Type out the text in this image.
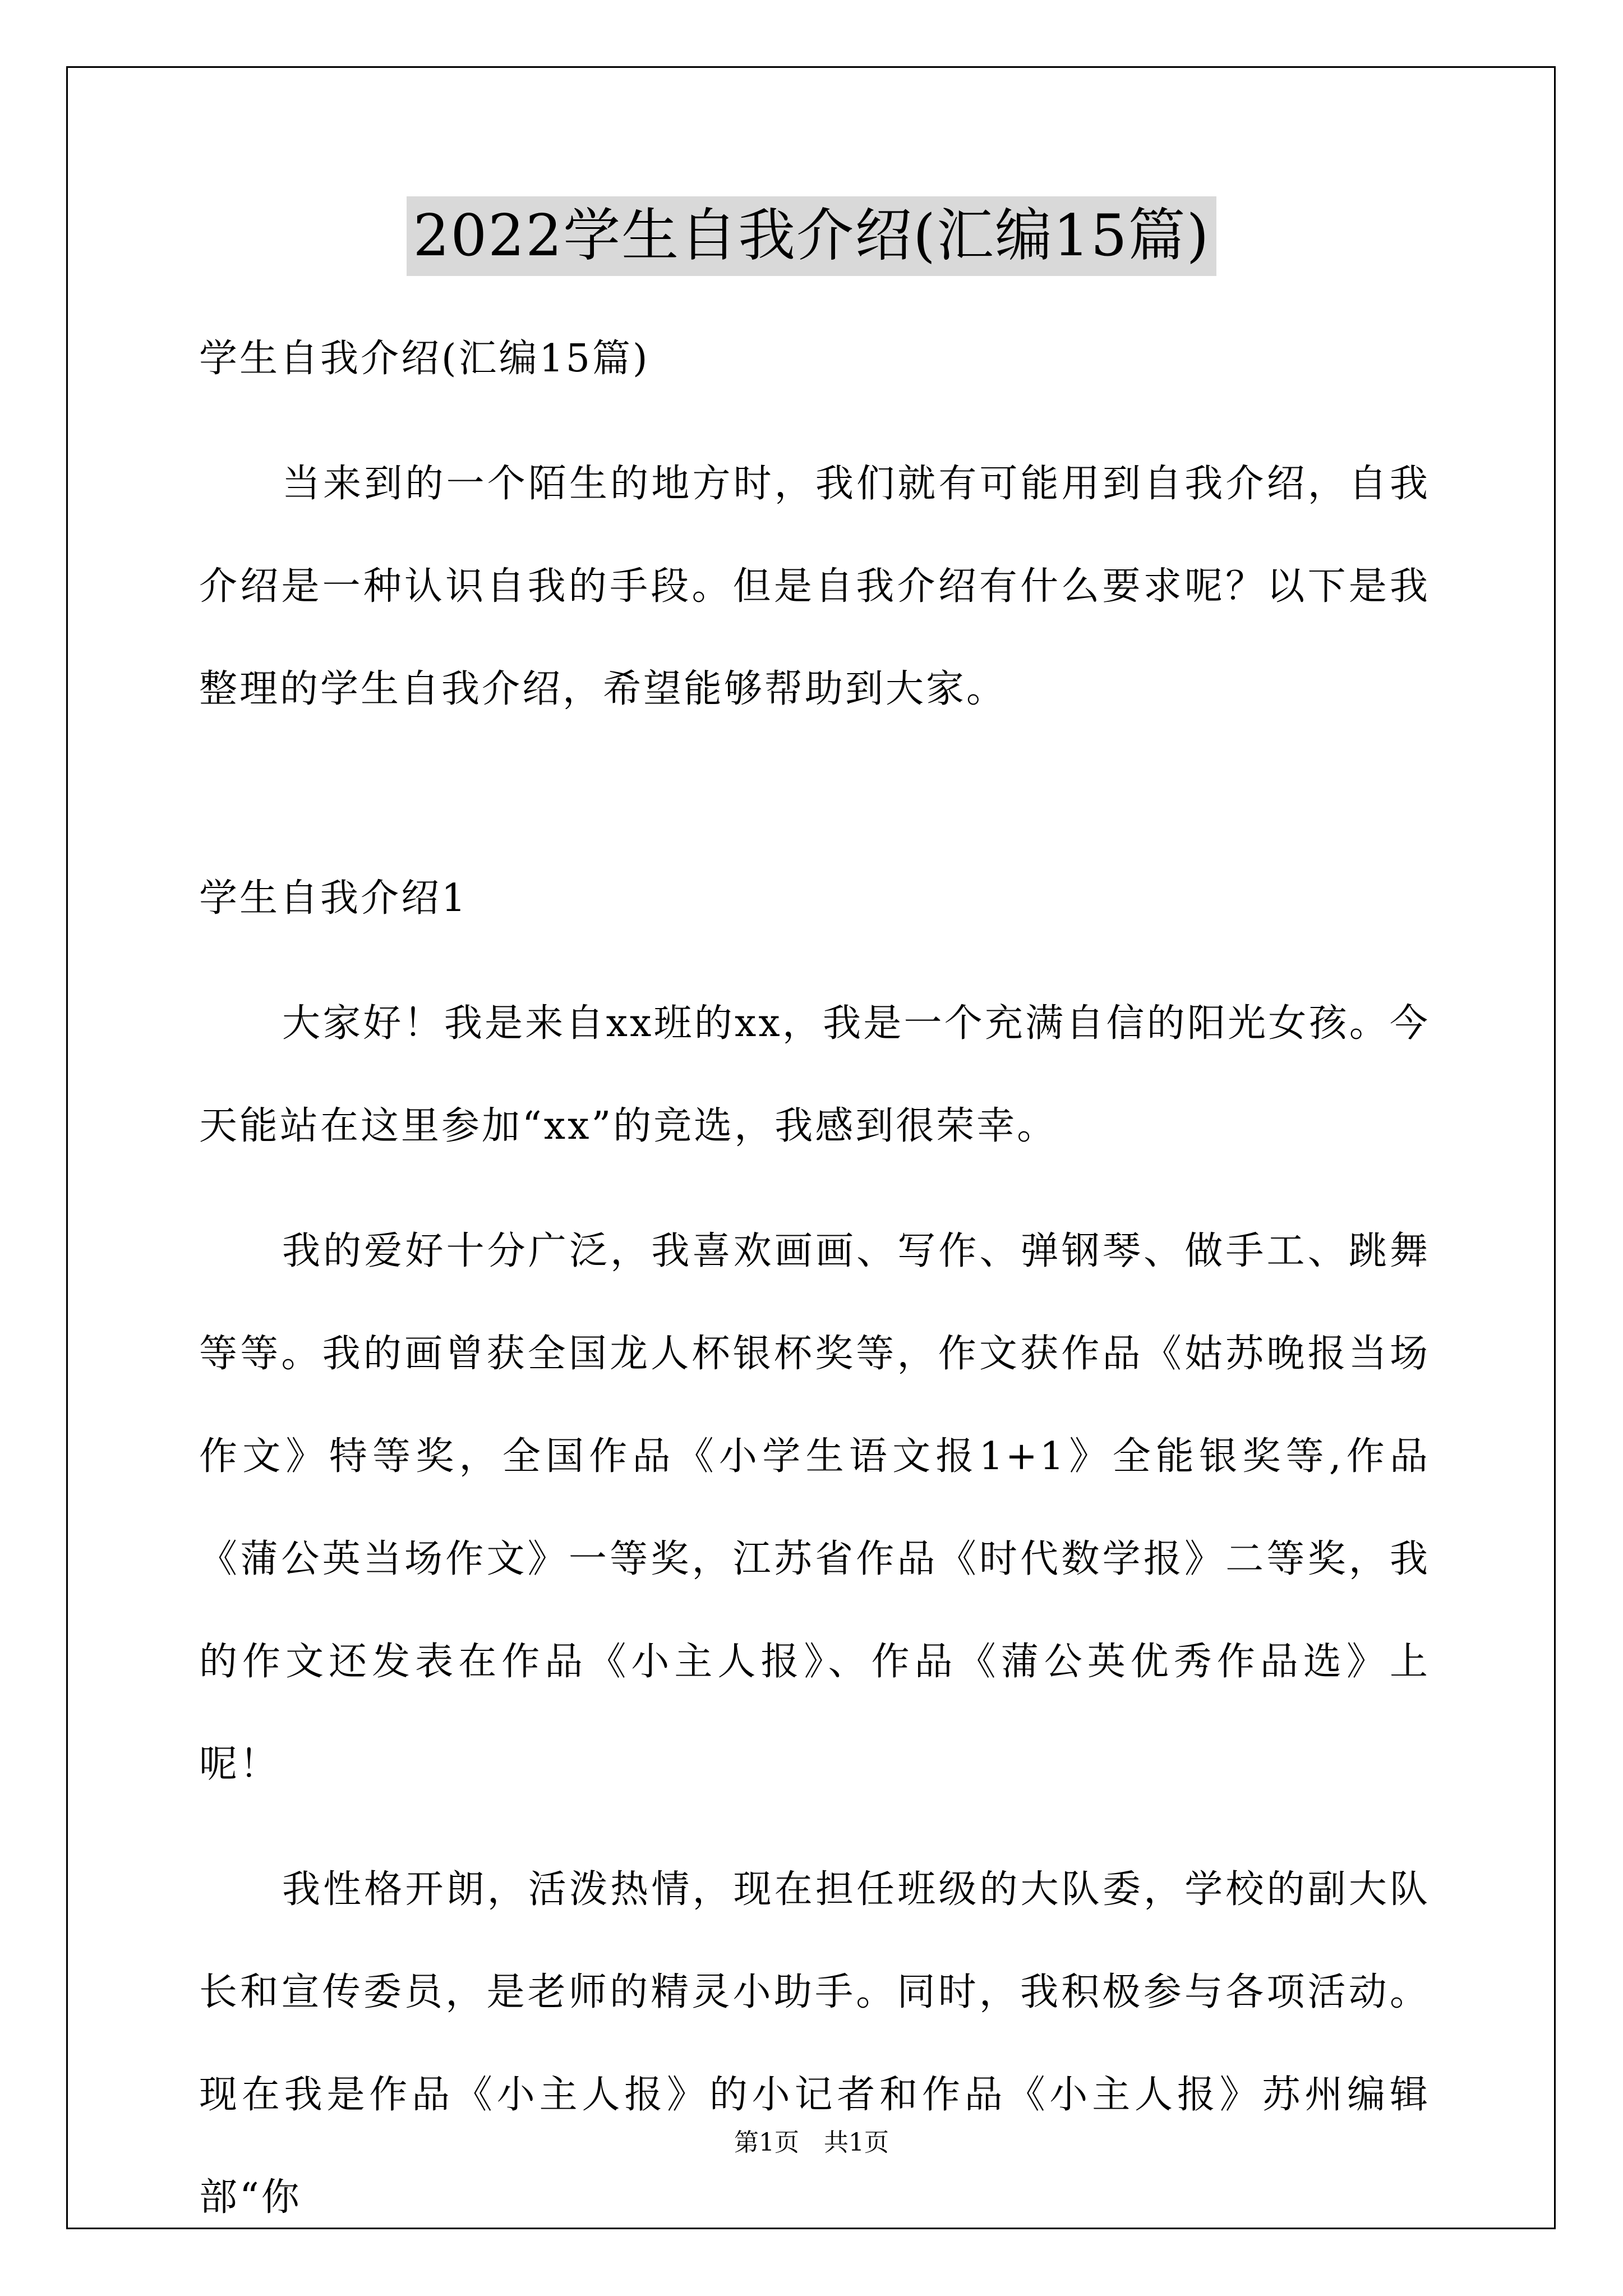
2022学生自我介绍(汇编15篇)

学生自我介绍(汇编15篇)

当来到的一个陌生的地方时，我们就有可能用到自我介绍，自我介绍是一种认识自我的手段。但是自我介绍有什么要求呢？以下是我整理的学生自我介绍，希望能够帮助到大家。

学生自我介绍1

大家好！我是来自xx班的xx，我是一个充满自信的阳光女孩。今天能站在这里参加“xx”的竞选，我感到很荣幸。

我的爱好十分广泛，我喜欢画画、写作、弹钢琴、做手工、跳舞等等。我的画曾获全国龙人杯银杯奖等，作文获作品《姑苏晚报当场作文》特等奖，全国作品《小学生语文报1+1》全能银奖等,作品《蒲公英当场作文》一等奖，江苏省作品《时代数学报》二等奖，我的作文还发表在作品《小主人报》、作品《蒲公英优秀作品选》上呢！

我性格开朗，活泼热情，现在担任班级的大队委，学校的副大队长和宣传委员，是老师的精灵小助手。同时，我积极参与各项活动。现在我是作品《小主人报》的小记者和作品《小主人报》苏州编辑部“你

第1页　共1页
